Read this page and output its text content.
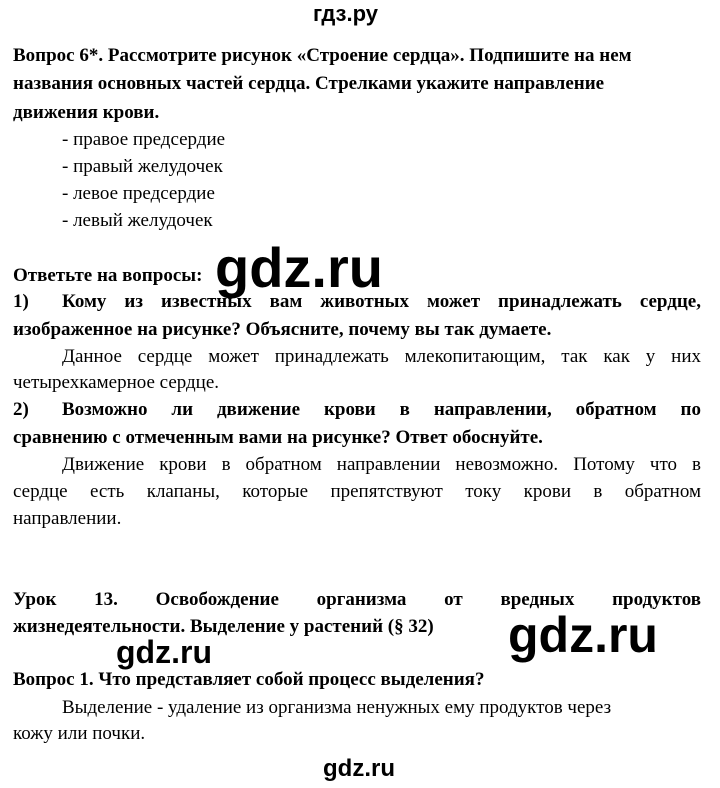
гдз.ру
Вопрос 6*. Рассмотрите рисунок «Строение сердца». Подпишите на нем
названия основных частей сердца. Стрелками укажите направление
движения крови.
- правое предсердие
- правый желудочек
- левое предсердие
- левый желудочек
Ответьте на вопросы: gdz.ru
1) Кому из известных вам животных может принадлежать сердце,
изображенное на рисунке? Объясните, почему вы так думаете.
Данное сердце может принадлежать млекопитающим, так как у них
четырехкамерное сердце.
2) Возможно ли движение крови в направлении, обратном по
сравнению с отмеченным вами на рисунке? Ответ обоснуйте.
Движение крови в обратном направлении невозможно. Потому что в
сердце есть клапаны, которые препятствуют току крови в обратном
направлении.
Урок 13. Освобождение организма от вредных продуктов
жизнедеятельности. Выделение у растений (§ 32) gdz.ru
gdz.ru
Вопрос 1. Что представляет собой процесс выделения?
Выделение - удаление из организма ненужных ему продуктов через
кожу или почки.
gdz.ru
